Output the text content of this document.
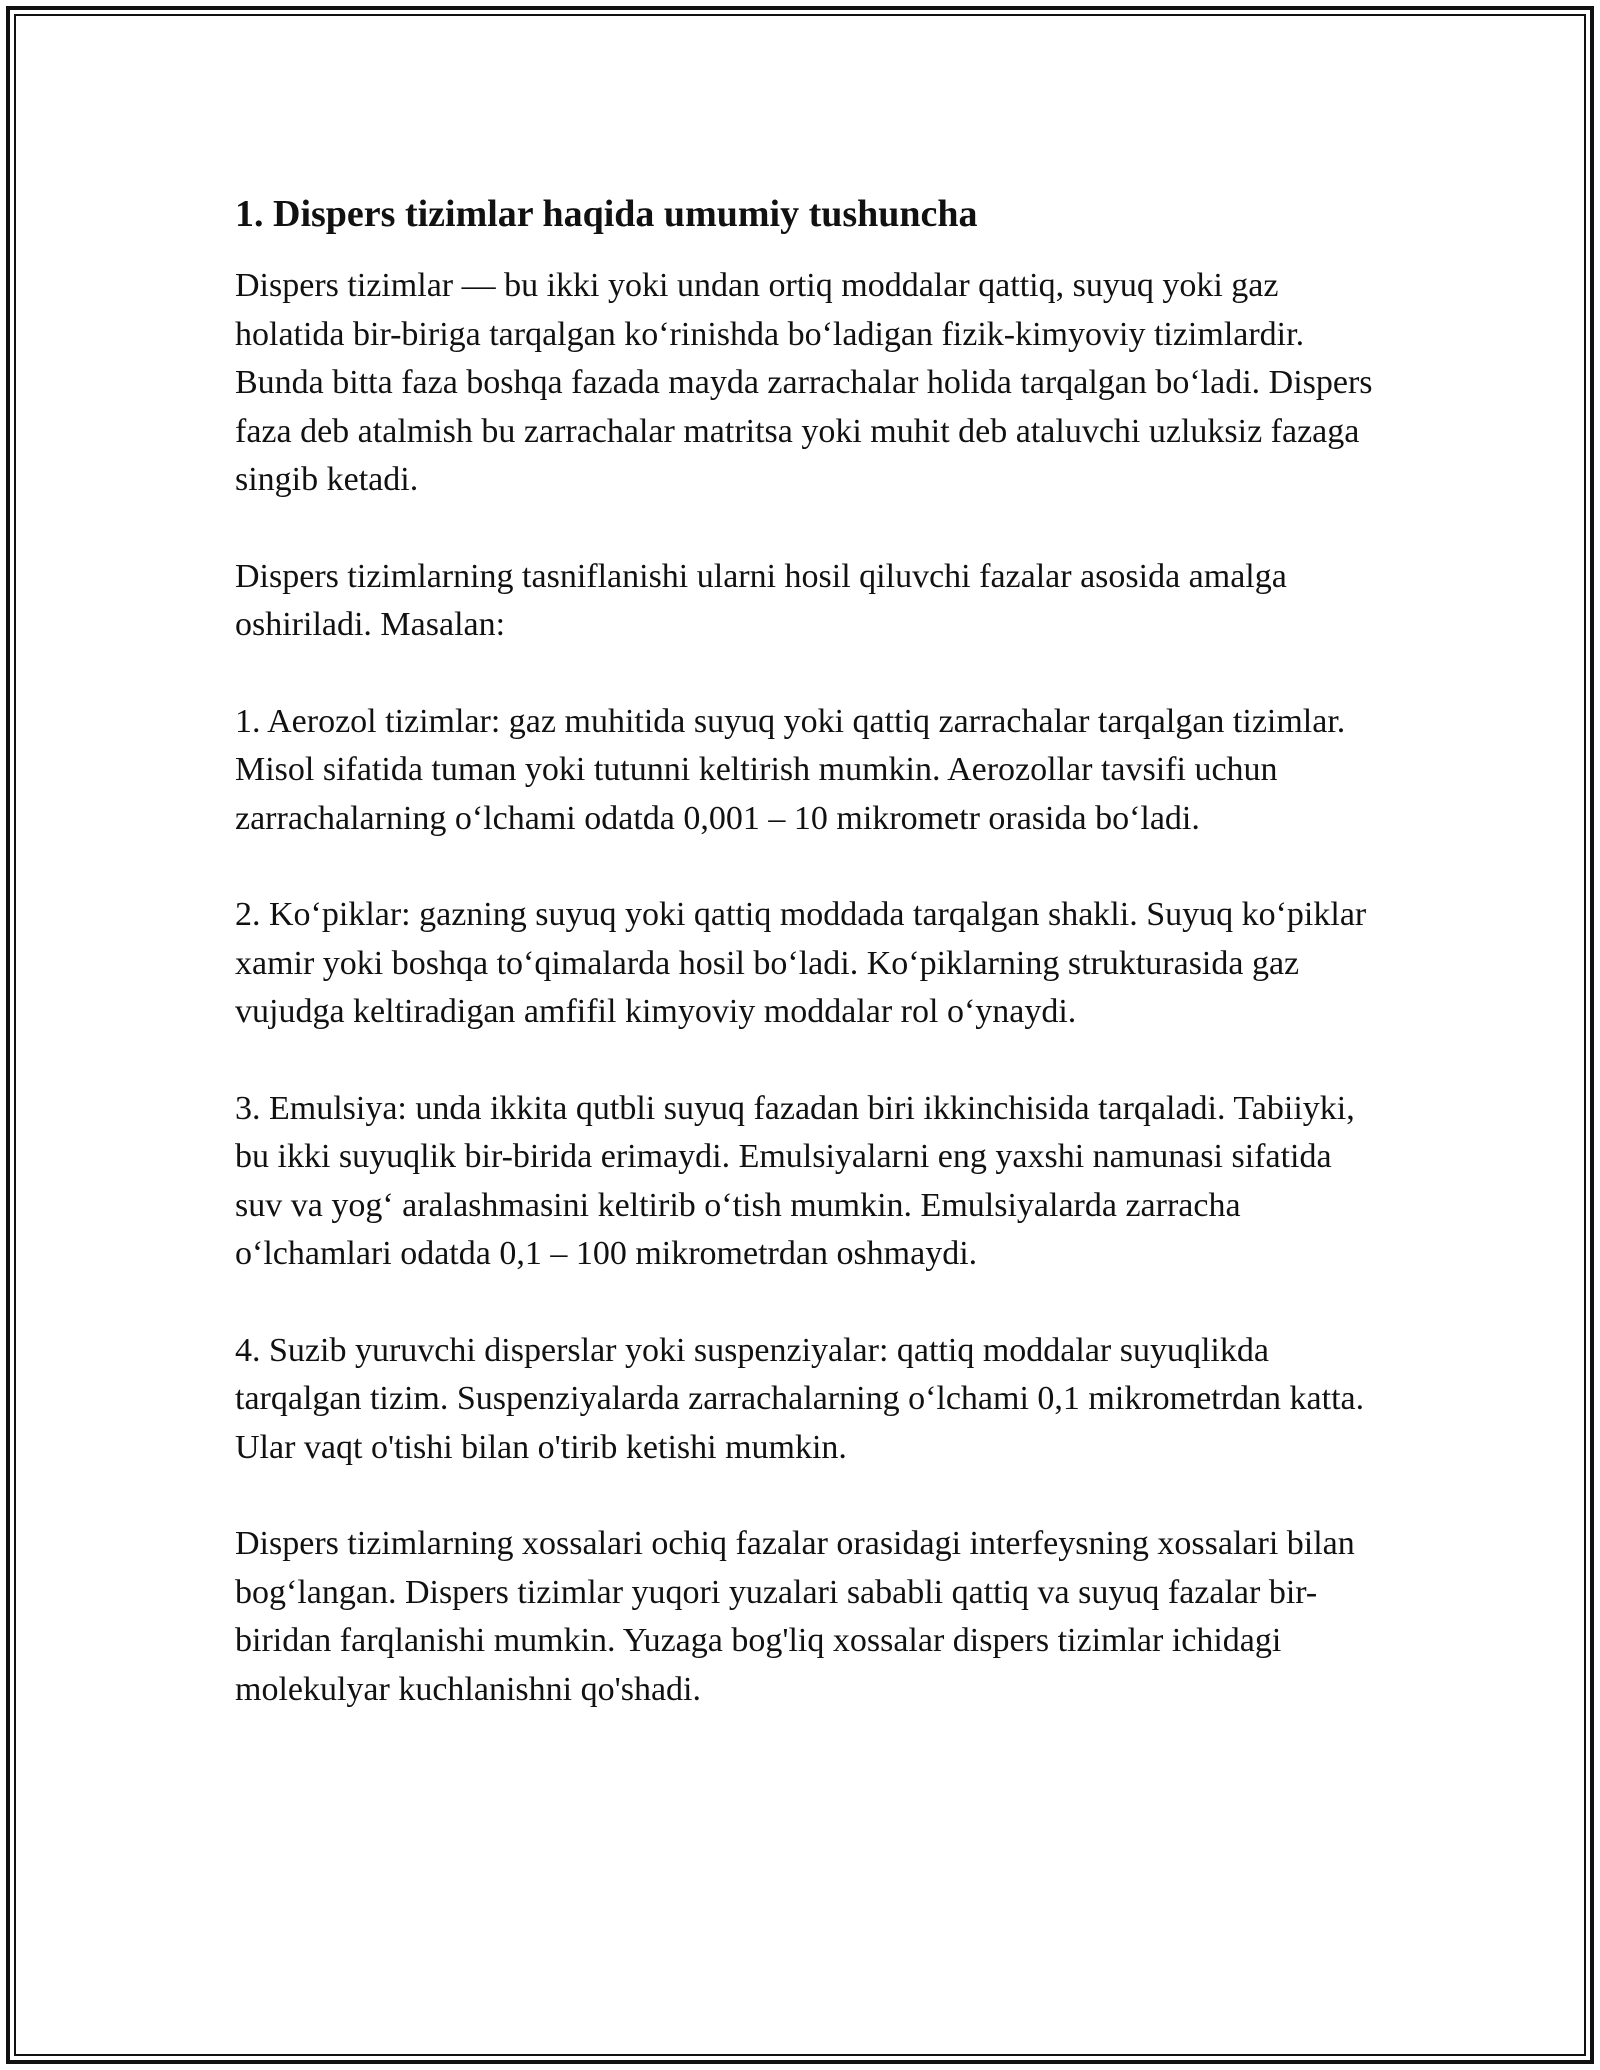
1. Dispers tizimlar haqida umumiy tushuncha

Dispers tizimlar — bu ikki yoki undan ortiq moddalar qattiq, suyuq yoki gaz holatida bir-biriga tarqalgan ko‘rinishda bo‘ladigan fizik-kimyoviy tizimlardir. Bunda bitta faza boshqa fazada mayda zarrachalar holida tarqalgan bo‘ladi. Dispers faza deb atalmish bu zarrachalar matritsa yoki muhit deb ataluvchi uzluksiz fazaga singib ketadi.

Dispers tizimlarning tasniflanishi ularni hosil qiluvchi fazalar asosida amalga oshiriladi. Masalan:

1. Aerozol tizimlar: gaz muhitida suyuq yoki qattiq zarrachalar tarqalgan tizimlar. Misol sifatida tuman yoki tutunni keltirish mumkin. Aerozollar tavsifi uchun zarrachalarning o‘lchami odatda 0,001 – 10 mikrometr orasida bo‘ladi.

2. Ko‘piklar: gazning suyuq yoki qattiq moddada tarqalgan shakli. Suyuq ko‘piklar xamir yoki boshqa to‘qimalarda hosil bo‘ladi. Ko‘piklarning strukturasida gaz vujudga keltiradigan amfifil kimyoviy moddalar rol o‘ynaydi.

3. Emulsiya: unda ikkita qutbli suyuq fazadan biri ikkinchisida tarqaladi. Tabiiyki, bu ikki suyuqlik bir-birida erimaydi. Emulsiyalarni eng yaxshi namunasi sifatida suv va yog‘ aralashmasini keltirib o‘tish mumkin. Emulsiyalarda zarracha o‘lchamlari odatda 0,1 – 100 mikrometrdan oshmaydi.

4. Suzib yuruvchi disperslar yoki suspenziyalar: qattiq moddalar suyuqlikda tarqalgan tizim. Suspenziyalarda zarrachalarning o‘lchami 0,1 mikrometrdan katta. Ular vaqt o'tishi bilan o'tirib ketishi mumkin.

Dispers tizimlarning xossalari ochiq fazalar orasidagi interfeysning xossalari bilan bog‘langan. Dispers tizimlar yuqori yuzalari sababli qattiq va suyuq fazalar bir-biridan farqlanishi mumkin. Yuzaga bog'liq xossalar dispers tizimlar ichidagi molekulyar kuchlanishni qo'shadi.
